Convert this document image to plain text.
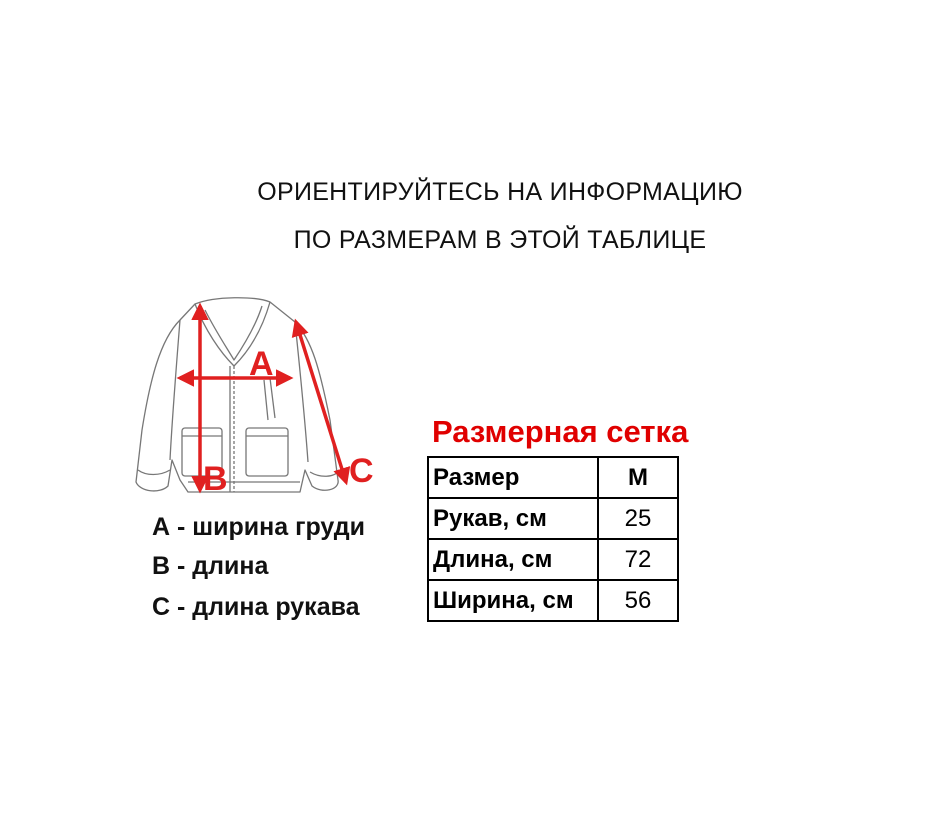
ОРИЕНТИРУЙТЕСЬ НА ИНФОРМАЦИЮ
ПО РАЗМЕРАМ В ЭТОЙ ТАБЛИЦЕ
A
B	C
А - ширина груди
В - длина
С - длина рукава
Размерная сетка
Размер	M
Рукав, см	25
Длина, см	72
Ширина, см	56
